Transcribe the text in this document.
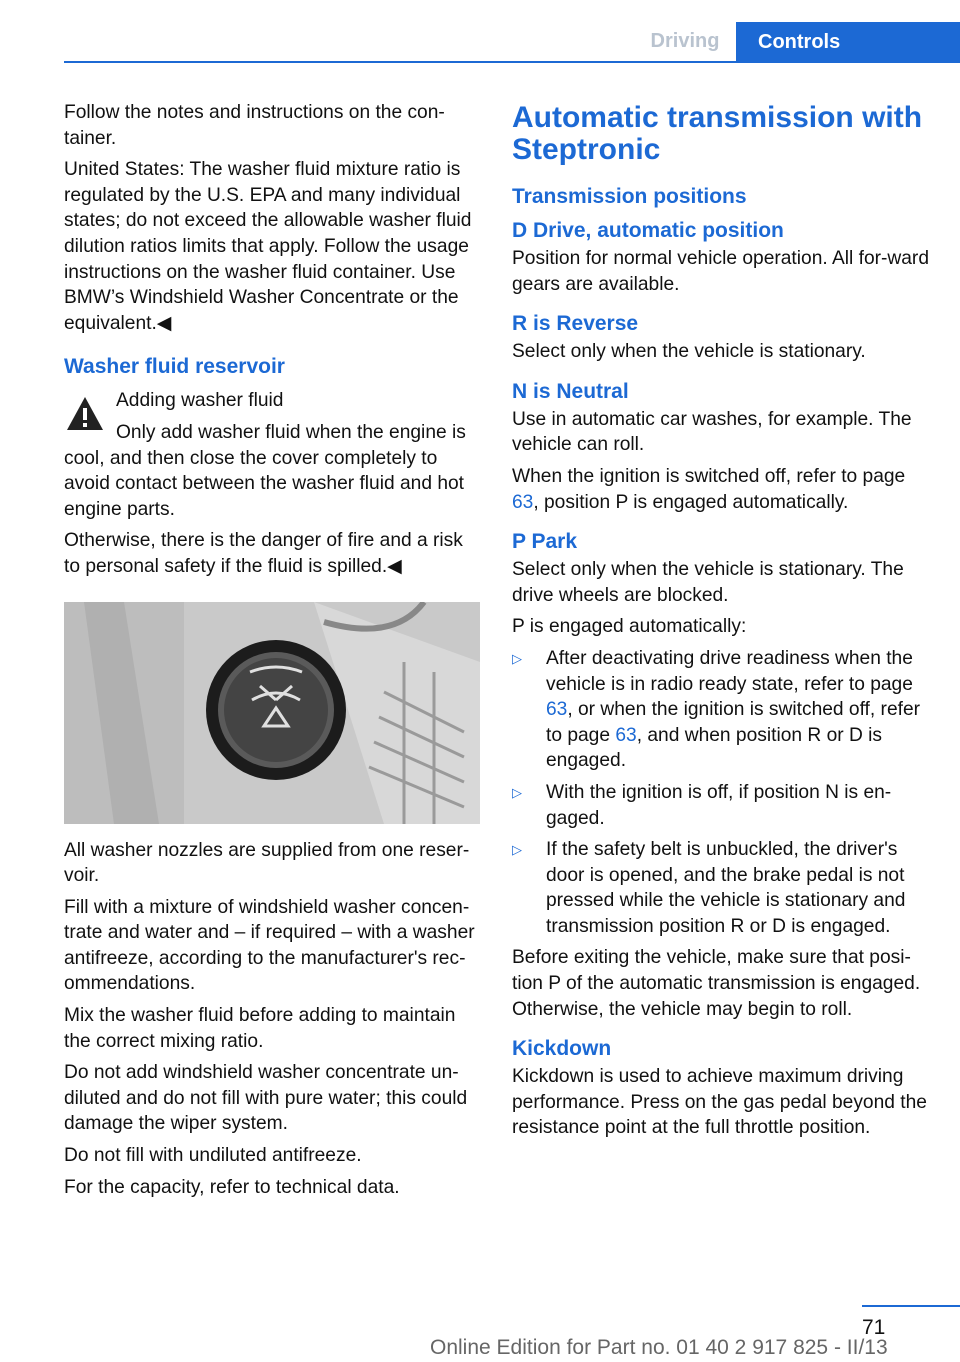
Driving	Controls

Follow the notes and instructions on the con‐tainer.

United States: The washer fluid mixture ratio is regulated by the U.S. EPA and many individual states; do not exceed the allowable washer fluid dilution ratios limits that apply. Follow the usage instructions on the washer fluid container. Use BMW’s Windshield Washer Concentrate or the equivalent.◀

Washer fluid reservoir

Adding washer fluid

Only add washer fluid when the engine is cool, and then close the cover completely to avoid contact between the washer fluid and hot engine parts.

Otherwise, there is the danger of fire and a risk to personal safety if the fluid is spilled.◀

All washer nozzles are supplied from one reser‐voir.

Fill with a mixture of windshield washer concen‐trate and water and – if required – with a washer antifreeze, according to the manufacturer's rec‐ommendations.

Mix the washer fluid before adding to maintain the correct mixing ratio.

Do not add windshield washer concentrate un‐diluted and do not fill with pure water; this could damage the wiper system.

Do not fill with undiluted antifreeze.

For the capacity, refer to technical data.

Automatic transmission with Steptronic
Transmission positions
D Drive, automatic position

Position for normal vehicle operation. All for‐ward gears are available.

R is Reverse

Select only when the vehicle is stationary.

N is Neutral

Use in automatic car washes, for example. The vehicle can roll.

When the ignition is switched off, refer to page 63, position P is engaged automatically.

P Park

Select only when the vehicle is stationary. The drive wheels are blocked.

P is engaged automatically:

▷	After deactivating drive readiness when the vehicle is in radio ready state, refer to page 63, or when the ignition is switched off, refer to page 63, and when position R or D is engaged.
▷	With the ignition is off, if position N is en‐gaged.
▷	If the safety belt is unbuckled, the driver's door is opened, and the brake pedal is not pressed while the vehicle is stationary and transmission position R or D is engaged.

Before exiting the vehicle, make sure that posi‐tion P of the automatic transmission is engaged. Otherwise, the vehicle may begin to roll.

Kickdown

Kickdown is used to achieve maximum driving performance. Press on the gas pedal beyond the resistance point at the full throttle position.

71
Online Edition for Part no. 01 40 2 917 825 - II/13
